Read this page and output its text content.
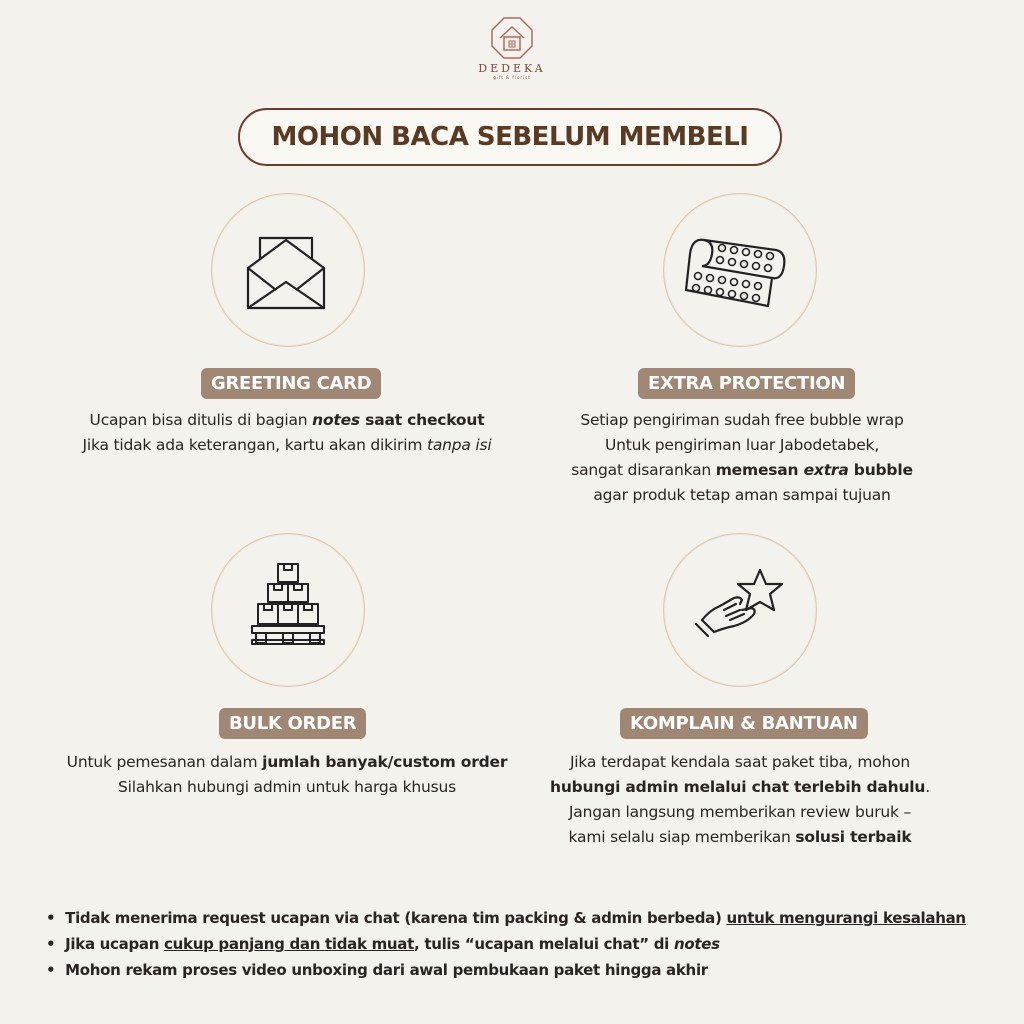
DEDEKA
gift & florist
MOHON BACA SEBELUM MEMBELI
GREETING CARD
Ucapan bisa ditulis di bagian notes saat checkout
Jika tidak ada keterangan, kartu akan dikirim tanpa isi
EXTRA PROTECTION
Setiap pengiriman sudah free bubble wrap
Untuk pengiriman luar Jabodetabek,
sangat disarankan memesan extra bubble
agar produk tetap aman sampai tujuan
BULK ORDER
Untuk pemesanan dalam jumlah banyak/custom order
Silahkan hubungi admin untuk harga khusus
KOMPLAIN & BANTUAN
Jika terdapat kendala saat paket tiba, mohon
hubungi admin melalui chat terlebih dahulu.
Jangan langsung memberikan review buruk –
kami selalu siap memberikan solusi terbaik
•  Tidak menerima request ucapan via chat (karena tim packing & admin berbeda) untuk mengurangi kesalahan
•  Jika ucapan cukup panjang dan tidak muat, tulis “ucapan melalui chat” di notes
•  Mohon rekam proses video unboxing dari awal pembukaan paket hingga akhir
